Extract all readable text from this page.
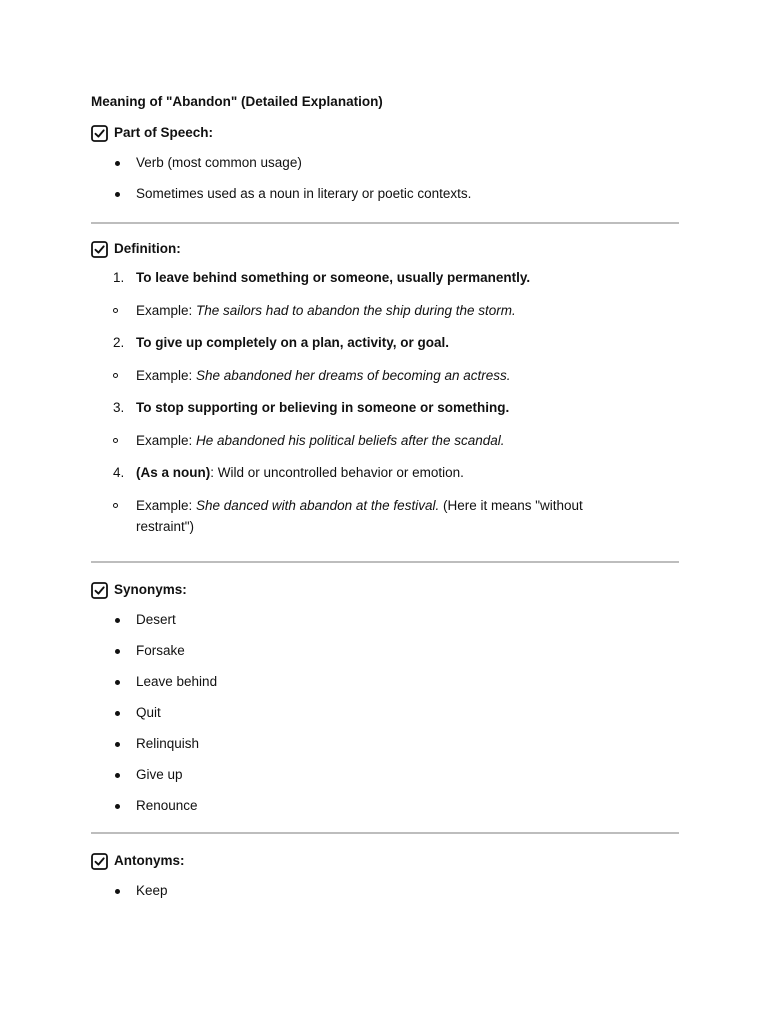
Meaning of "Abandon" (Detailed Explanation)

Part of Speech:
Verb (most common usage)
Sometimes used as a noun in literary or poetic contexts.
Definition:
1. To leave behind something or someone, usually permanently.
Example: The sailors had to abandon the ship during the storm.
2. To give up completely on a plan, activity, or goal.
Example: She abandoned her dreams of becoming an actress.
3. To stop supporting or believing in someone or something.
Example: He abandoned his political beliefs after the scandal.
4. (As a noun): Wild or uncontrolled behavior or emotion.
Example: She danced with abandon at the festival. (Here it means "without restraint")
Synonyms:
Desert
Forsake
Leave behind
Quit
Relinquish
Give up
Renounce
Antonyms:
Keep
